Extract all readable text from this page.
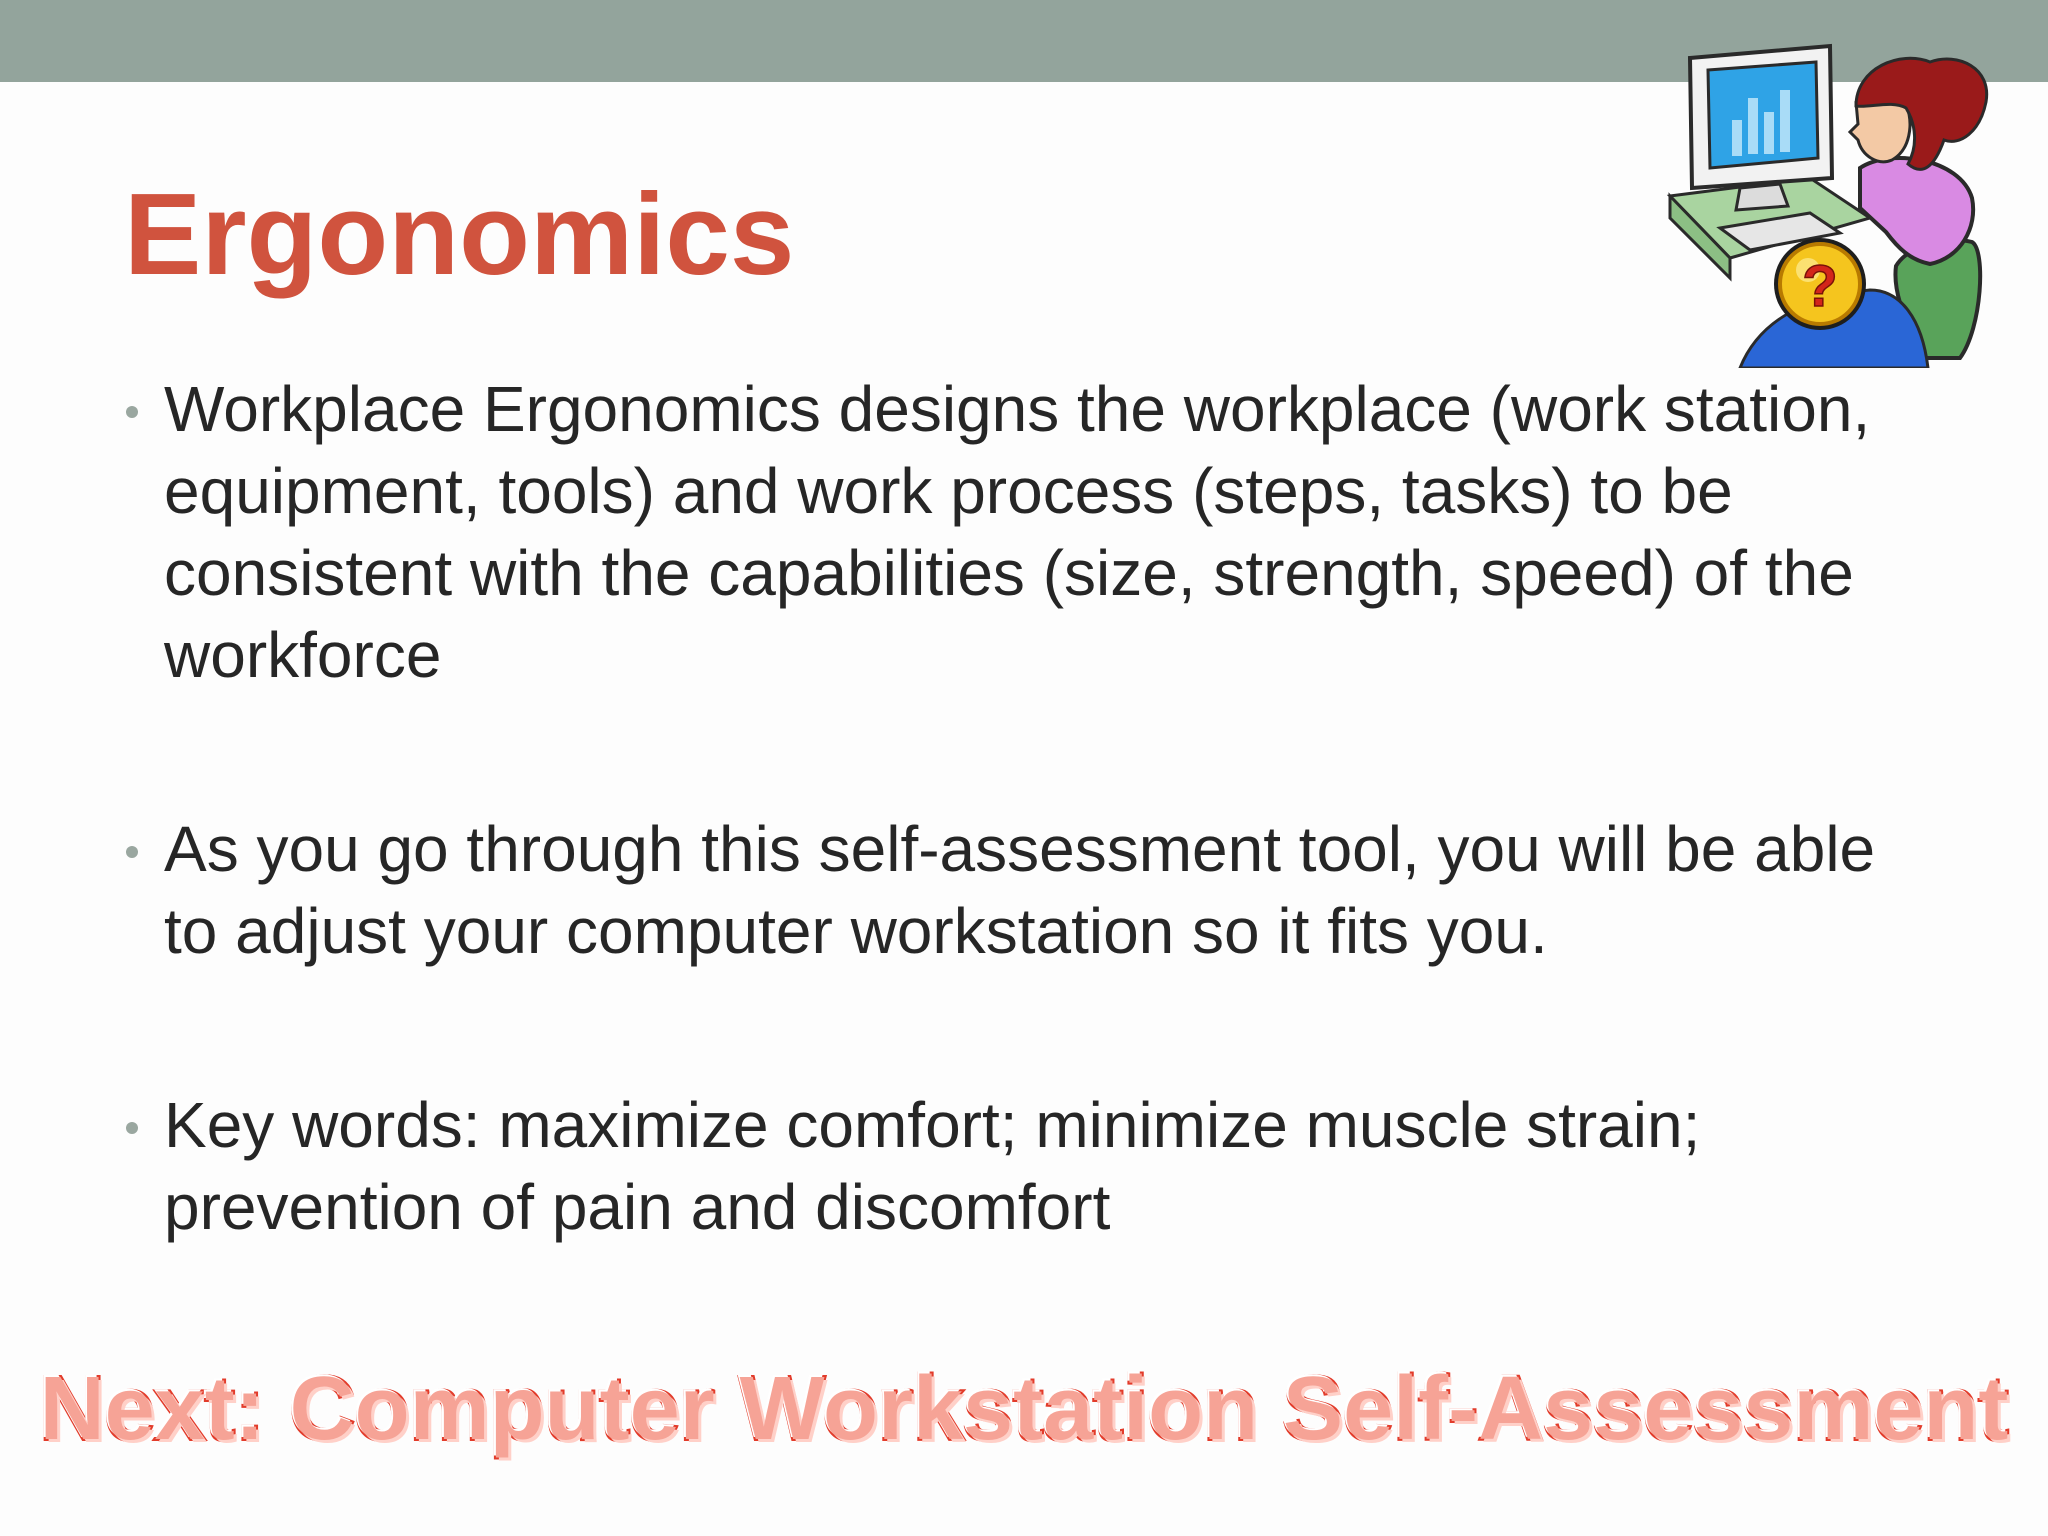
Ergonomics	?
Workplace Ergonomics designs the workplace (work station, equipment, tools) and work process (steps, tasks) to be consistent with the capabilities (size, strength, speed) of the workforce
As you go through this self-assessment tool, you will be able to adjust your computer workstation so it fits you.
Key words: maximize comfort; minimize muscle strain; prevention of pain and discomfort

Next: Computer Workstation Self-Assessment
